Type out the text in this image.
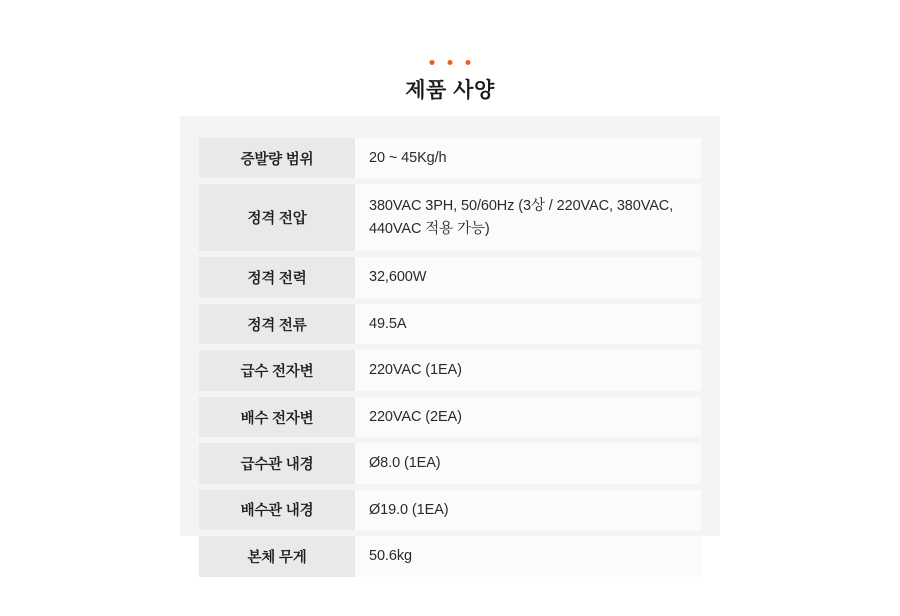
제품 사양
증발량 범위	20 ~ 45Kg/h
정격 전압	380VAC 3PH, 50/60Hz (3상 / 220VAC, 380VAC, 440VAC 적용 가능)
정격 전력	32,600W
정격 전류	49.5A
급수 전자변	220VAC (1EA)
배수 전자변	220VAC (2EA)
급수관 내경	Ø8.0 (1EA)
배수관 내경	Ø19.0 (1EA)
본체 무게	50.6kg
